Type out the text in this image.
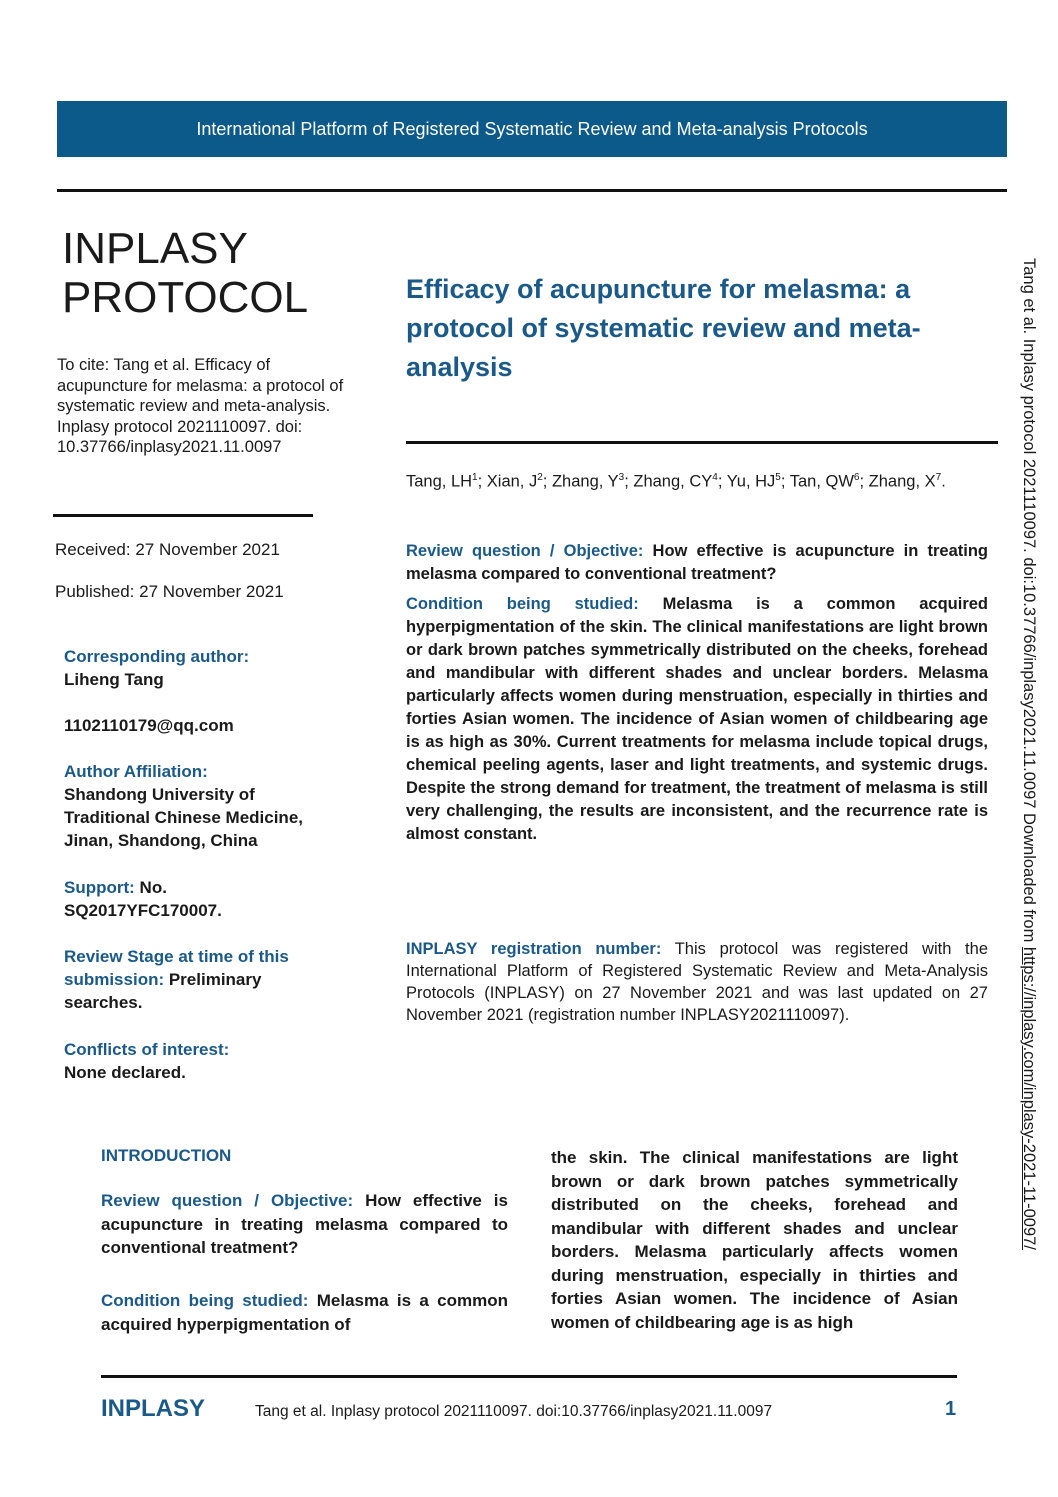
International Platform of Registered Systematic Review and Meta-analysis Protocols
INPLASY
PROTOCOL
To cite: Tang et al. Efficacy of acupuncture for melasma: a protocol of systematic review and meta-analysis. Inplasy protocol 2021110097. doi: 10.37766/inplasy2021.11.0097
Received: 27 November 2021
Published: 27 November 2021
Corresponding author:
Liheng Tang
1102110179@qq.com
Author Affiliation:
Shandong University of Traditional Chinese Medicine, Jinan, Shandong, China
Support: No. SQ2017YFC170007.
Review Stage at time of this submission: Preliminary searches.
Conflicts of interest:
None declared.
Efficacy of acupuncture for melasma: a protocol of systematic review and meta-analysis
Tang, $LH^1$; Xian, $J^2$; Zhang, $Y^3$; Zhang, $CY^4$; Yu, $HJ^5$; Tan, $QW^6$; Zhang, $X^7$.
Review question / Objective: How effective is acupuncture in treating melasma compared to conventional treatment?
Condition being studied: Melasma is a common acquired hyperpigmentation of the skin. The clinical manifestations are light brown or dark brown patches symmetrically distributed on the cheeks, forehead and mandibular with different shades and unclear borders. Melasma particularly affects women during menstruation, especially in thirties and forties Asian women. The incidence of Asian women of childbearing age is as high as 30%. Current treatments for melasma include topical drugs, chemical peeling agents, laser and light treatments, and systemic drugs. Despite the strong demand for treatment, the treatment of melasma is still very challenging, the results are inconsistent, and the recurrence rate is almost constant.
INPLASY registration number: This protocol was registered with the International Platform of Registered Systematic Review and Meta-Analysis Protocols (INPLASY) on 27 November 2021 and was last updated on 27 November 2021 (registration number INPLASY2021110097).
INTRODUCTION
Review question / Objective: How effective is acupuncture in treating melasma compared to conventional treatment?
Condition being studied: Melasma is a common acquired hyperpigmentation of
the skin. The clinical manifestations are light brown or dark brown patches symmetrically distributed on the cheeks, forehead and mandibular with different shades and unclear borders. Melasma particularly affects women during menstruation, especially in thirties and forties Asian women. The incidence of Asian women of childbearing age is as high
INPLASY	Tang et al. Inplasy protocol 2021110097. doi:10.37766/inplasy2021.11.0097	1
Tang et al. Inplasy protocol 2021110097. doi:10.37766/inplasy2021.11.0097 Downloaded from https://inplasy.com/inplasy-2021-11-0097/
